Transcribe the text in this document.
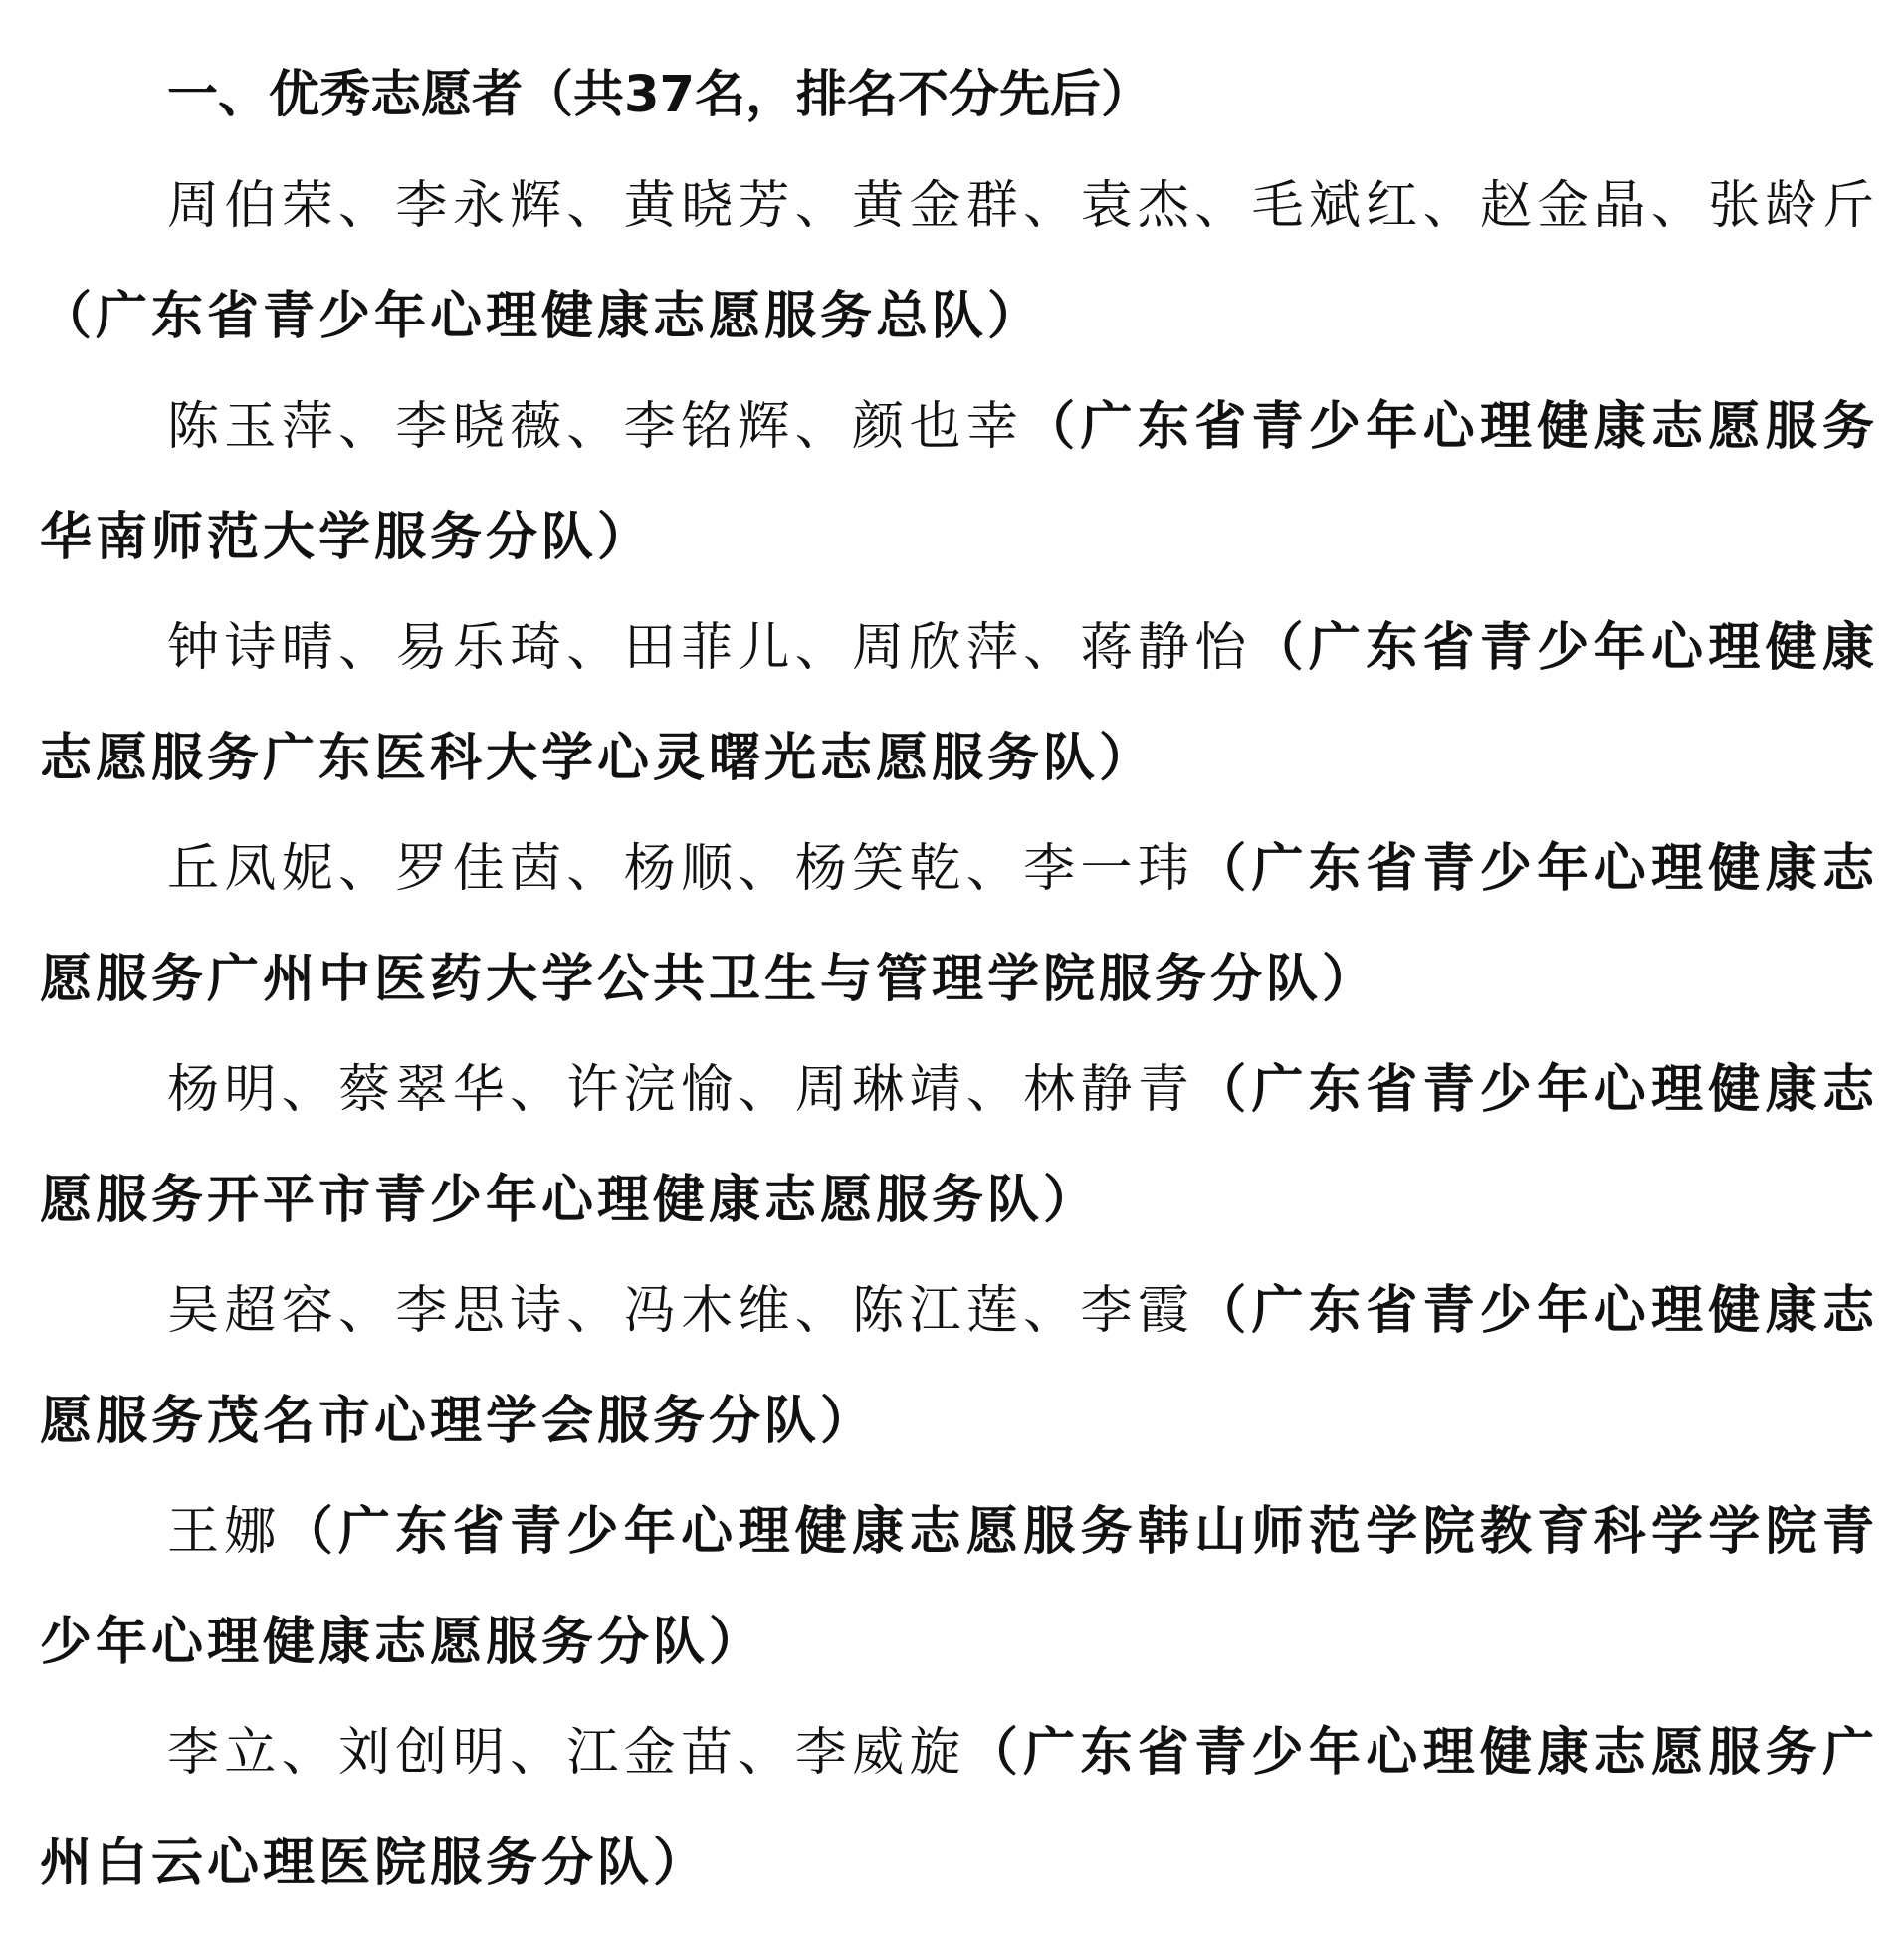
一、优秀志愿者（共37名，排名不分先后）

周伯荣、李永辉、黄晓芳、黄金群、袁杰、毛斌红、赵金晶、张龄斤（广东省青少年心理健康志愿服务总队）

陈玉萍、李晓薇、李铭辉、颜也幸（广东省青少年心理健康志愿服务华南师范大学服务分队）

钟诗晴、易乐琦、田菲儿、周欣萍、蒋静怡（广东省青少年心理健康志愿服务广东医科大学心灵曙光志愿服务队）

丘凤妮、罗佳茵、杨顺、杨笑乾、李一玮（广东省青少年心理健康志愿服务广州中医药大学公共卫生与管理学院服务分队）

杨明、蔡翠华、许浣愉、周琳靖、林静青（广东省青少年心理健康志愿服务开平市青少年心理健康志愿服务队）

吴超容、李思诗、冯木维、陈江莲、李霞（广东省青少年心理健康志愿服务茂名市心理学会服务分队）

王娜（广东省青少年心理健康志愿服务韩山师范学院教育科学学院青少年心理健康志愿服务分队）

李立、刘创明、江金苗、李威旋（广东省青少年心理健康志愿服务广州白云心理医院服务分队）
